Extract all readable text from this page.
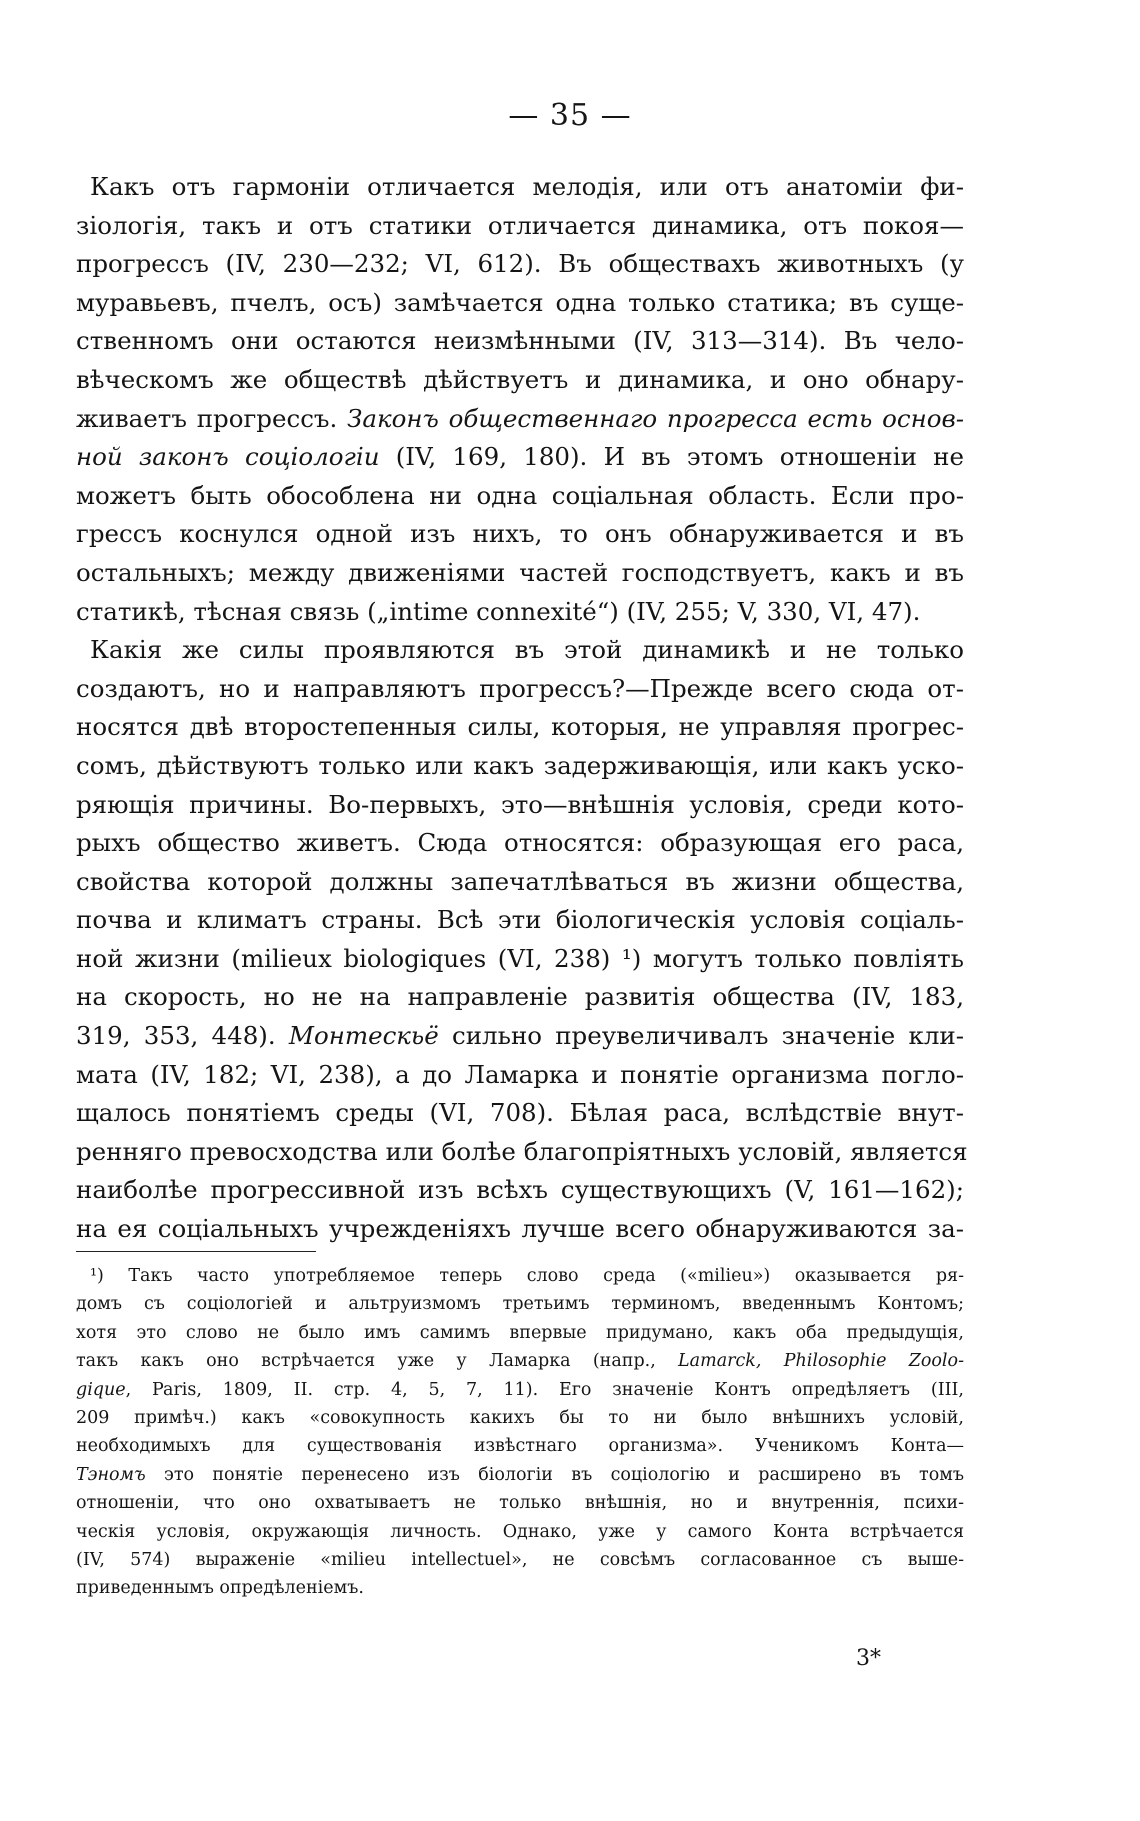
— 35 —
Какъ отъ гармоніи отличается мелодія, или отъ анатоміи фи-
зіологія, такъ и отъ статики отличается динамика, отъ покоя—
прогрессъ (IV, 230—232; VI, 612). Въ обществахъ животныхъ (у
муравьевъ, пчелъ, осъ) замѣчается одна только статика; въ суще-
ственномъ они остаются неизмѣнными (IV, 313—314). Въ чело-
вѣческомъ же обществѣ дѣйствуетъ и динамика, и оно обнару-
живаетъ прогрессъ. Законъ общественнаго прогресса есть основ-
ной законъ соціологіи (IV, 169, 180). И въ этомъ отношеніи не
можетъ быть обособлена ни одна соціальная область. Если про-
грессъ коснулся одной изъ нихъ, то онъ обнаруживается и въ
остальныхъ; между движеніями частей господствуетъ, какъ и въ
статикѣ, тѣсная связь („intime connexité“) (IV, 255; V, 330, VI, 47).
Какія же силы проявляются въ этой динамикѣ и не только
создаютъ, но и направляютъ прогрессъ?—Прежде всего сюда от-
носятся двѣ второстепенныя силы, которыя, не управляя прогрес-
сомъ, дѣйствуютъ только или какъ задерживающія, или какъ уско-
ряющія причины. Во-первыхъ, это—внѣшнія условія, среди кото-
рыхъ общество живетъ. Сюда относятся: образующая его раса,
свойства которой должны запечатлѣваться въ жизни общества,
почва и климатъ страны. Всѣ эти біологическія условія соціаль-
ной жизни (milieux biologiques (VI, 238) ¹) могутъ только повліять
на скорость, но не на направленіе развитія общества (IV, 183,
319, 353, 448). Монтескьё сильно преувеличивалъ значеніе кли-
мата (IV, 182; VI, 238), а до Ламарка и понятіе организма погло-
щалось понятіемъ среды (VI, 708). Бѣлая раса, вслѣдствіе внут-
ренняго превосходства или болѣе благопріятныхъ условій, является
наиболѣе прогрессивной изъ всѣхъ существующихъ (V, 161—162);
на ея соціальныхъ учрежденіяхъ лучше всего обнаруживаются за-
¹) Такъ часто употребляемое теперь слово среда («milieu») оказывается ря-
домъ съ соціологіей и альтруизмомъ третьимъ терминомъ, введеннымъ Контомъ;
хотя это слово не было имъ самимъ впервые придумано, какъ оба предыдущія,
такъ какъ оно встрѣчается уже у Ламарка (напр., Lamarck, Philosophie Zoolo-
gique, Paris, 1809, II. стр. 4, 5, 7, 11). Его значеніе Контъ опредѣляетъ (III,
209 примѣч.) какъ «совокупность какихъ бы то ни было внѣшнихъ условій,
необходимыхъ для существованія извѣстнаго организма». Ученикомъ Конта—
Тэномъ это понятіе перенесено изъ біологіи въ соціологію и расширено въ томъ
отношеніи, что оно охватываетъ не только внѣшнія, но и внутреннія, психи-
ческія условія, окружающія личность. Однако, уже у самого Конта встрѣчается
(IV, 574) выраженіе «milieu intellectuel», не совсѣмъ согласованное съ выше-
приведеннымъ опредѣленіемъ.
3*
